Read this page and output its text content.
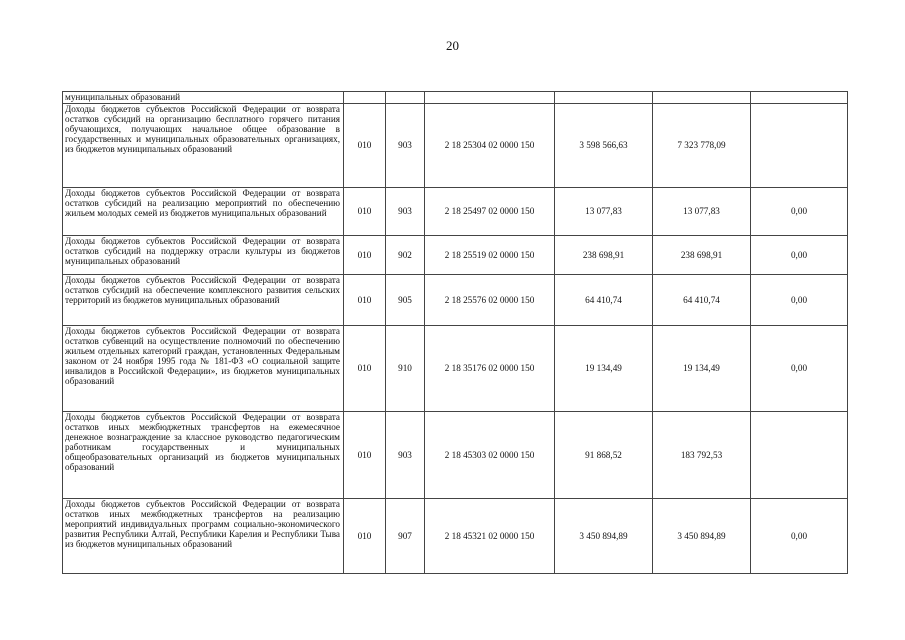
20
муниципальных образований						
Доходы бюджетов субъектов Российской Федерации от возврата остатков субсидий на организацию бесплатного горячего питания обучающихся, получающих начальное общее образование в государственных и муниципальных образовательных организациях, из бюджетов муниципальных образований	010	903	2 18 25304 02 0000 150	3 598 566,63	7 323 778,09	
Доходы бюджетов субъектов Российской Федерации от возврата остатков субсидий на реализацию мероприятий по обеспечению жильем молодых семей из бюджетов муниципальных образований	010	903	2 18 25497 02 0000 150	13 077,83	13 077,83	0,00
Доходы бюджетов субъектов Российской Федерации от возврата остатков субсидий на поддержку отрасли культуры из бюджетов муниципальных образований	010	902	2 18 25519 02 0000 150	238 698,91	238 698,91	0,00
Доходы бюджетов субъектов Российской Федерации от возврата остатков субсидий на обеспечение комплексного развития сельских территорий из бюджетов муниципальных образований	010	905	2 18 25576 02 0000 150	64 410,74	64 410,74	0,00
Доходы бюджетов субъектов Российской Федерации от возврата остатков субвенций на осуществление полномочий по обеспечению жильем отдельных категорий граждан, установленных Федеральным законом от 24 ноября 1995 года № 181-ФЗ «О социальной защите инвалидов в Российской Федерации», из бюджетов муниципальных образований	010	910	2 18 35176 02 0000 150	19 134,49	19 134,49	0,00
Доходы бюджетов субъектов Российской Федерации от возврата остатков иных межбюджетных трансфертов на ежемесячное денежное вознаграждение за классное руководство педагогическим работникам государственных и муниципальных общеобразовательных организаций из бюджетов муниципальных образований	010	903	2 18 45303 02 0000 150	91 868,52	183 792,53	
Доходы бюджетов субъектов Российской Федерации от возврата остатков иных межбюджетных трансфертов на реализацию мероприятий индивидуальных программ социально-экономического развития Республики Алтай, Республики Карелия и Республики Тыва из бюджетов муниципальных образований	010	907	2 18 45321 02 0000 150	3 450 894,89	3 450 894,89	0,00
